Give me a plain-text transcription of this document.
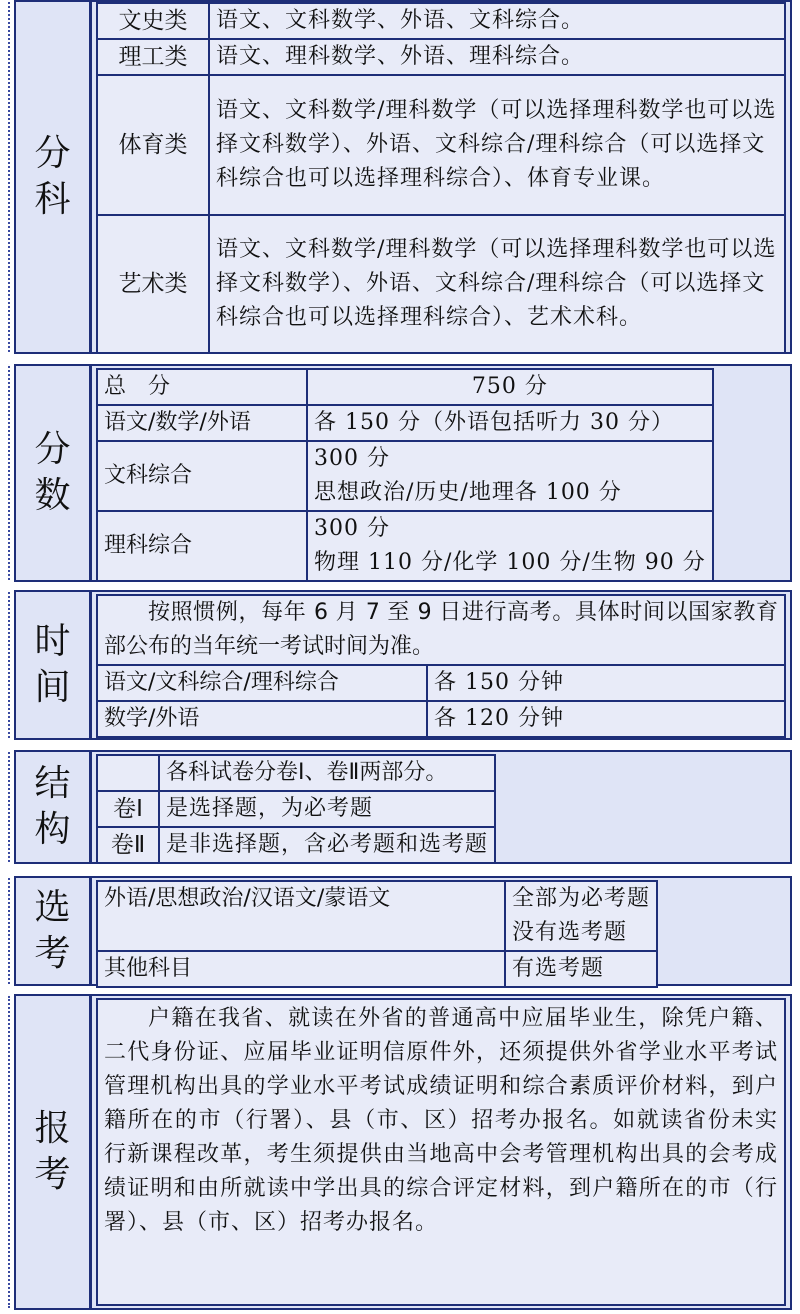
分
科
文史类	语文、文科数学、外语、文科综合。
理工类	语文、理科数学、外语、理科综合。
体育类	语文、文科数学/理科数学（可以选择理科数学也可以选择文科数学）、外语、文科综合/理科综合（可以选择文科综合也可以选择理科综合）、体育专业课。
艺术类	语文、文科数学/理科数学（可以选择理科数学也可以选择文科数学）、外语、文科综合/理科综合（可以选择文科综合也可以选择理科综合）、艺术术科。
分
数
总　分	750 分
语文/数学/外语	各 150 分（外语包括听力 30 分）
文科综合	300 分
思想政治/历史/地理各 100 分

理科综合	300 分
物理 110 分/化学 100 分/生物 90 分
时
间
按照惯例，每年 6 月 7 至 9 日进行高考。具体时间以国家教育部公布的当年统一考试时间为准。	
语文/文科综合/理科综合	各 150 分钟
数学/外语	各 120 分钟
结
构
	各科试卷分卷Ⅰ、卷Ⅱ两部分。
卷Ⅰ	是选择题，为必考题
卷Ⅱ	是非选择题，含必考题和选考题
选
考
外语/思想政治/汉语文/蒙语文	全部为必考题
没有选考题

其他科目	有选考题
报
考
户籍在我省、就读在外省的普通高中应届毕业生，除凭户籍、二代身份证、应届毕业证明信原件外，还须提供外省学业水平考试管理机构出具的学业水平考试成绩证明和综合素质评价材料，到户籍所在的市（行署）、县（市、区）招考办报名。如就读省份未实行新课程改革，考生须提供由当地高中会考管理机构出具的会考成绩证明和由所就读中学出具的综合评定材料，到户籍所在的市（行署）、县（市、区）招考办报名。
